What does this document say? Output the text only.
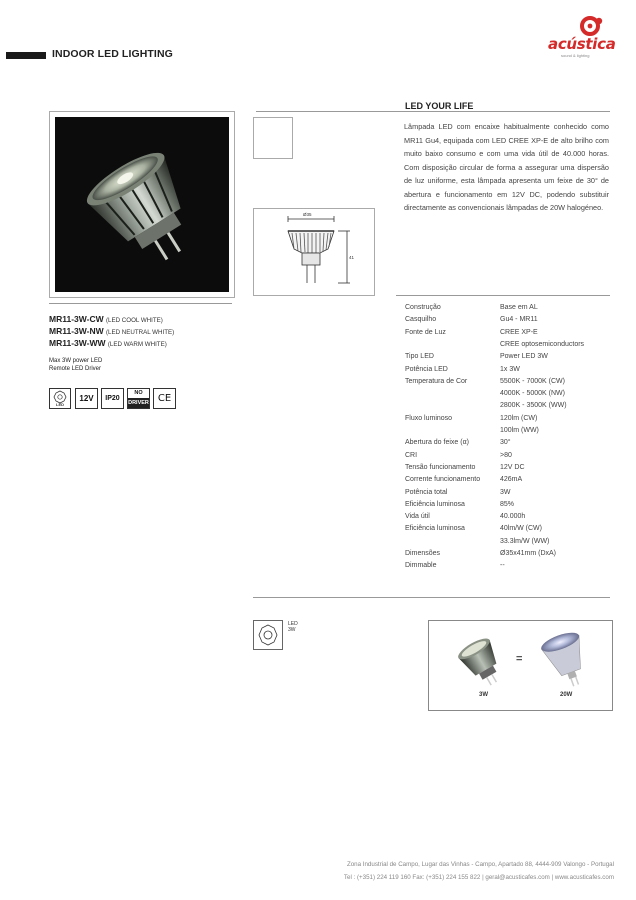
INDOOR LED LIGHTING
acústica
sound & lighting
LED YOUR LIFE
Lâmpada LED com encaixe habitualmente conhecido como MR11 Gu4, equipada com LED CREE XP-E de alto brilho com muito baixo consumo e com uma vida útil de 40.000 horas. Com disposição circular de forma a assegurar uma dispersão de luz uniforme, esta lâmpada apresenta um feixe de 30° de abertura e funcionamento em 12V DC, podendo substituir directamente as convencionais lâmpadas de 20W halogéneo.
Ø35
41
MR11-3W-CW (LED COOL WHITE)
MR11-3W-NW (LED NEUTRAL WHITE)
MR11-3W-WW (LED WARM WHITE)
Max 3W power LED
Remote LED Driver
LED
12V	IP20
NO
DRIVER CE
Construção	Base em AL
Casquilho	Gu4 - MR11
Fonte de Luz	CREE XP-E
CREE optosemiconductors
Tipo LED	Power LED 3W
Potência LED	1x 3W
Temperatura de Cor	5500K - 7000K (CW)
4000K - 5000K (NW)
2800K - 3500K (WW)
Fluxo luminoso	120lm (CW)
100lm (WW)
Abertura do feixe (α)	30°
CRI	>80
Tensão funcionamento	12V DC
Corrente funcionamento	426mA
Potência total	3W
Eficiência luminosa	85%
Vida útil	40.000h
Eficiência luminosa	40lm/W (CW)
33.3lm/W (WW)
Dimensões	Ø35x41mm (DxA)
Dimmable	--
LED
3W
=
3W	20W
Zona Industrial de Campo, Lugar das Vinhas - Campo, Apartado 88, 4444-909 Valongo - Portugal
Tel : (+351) 224 119 160 Fax: (+351) 224 155 822 | geral@acusticafes.com | www.acusticafes.com
